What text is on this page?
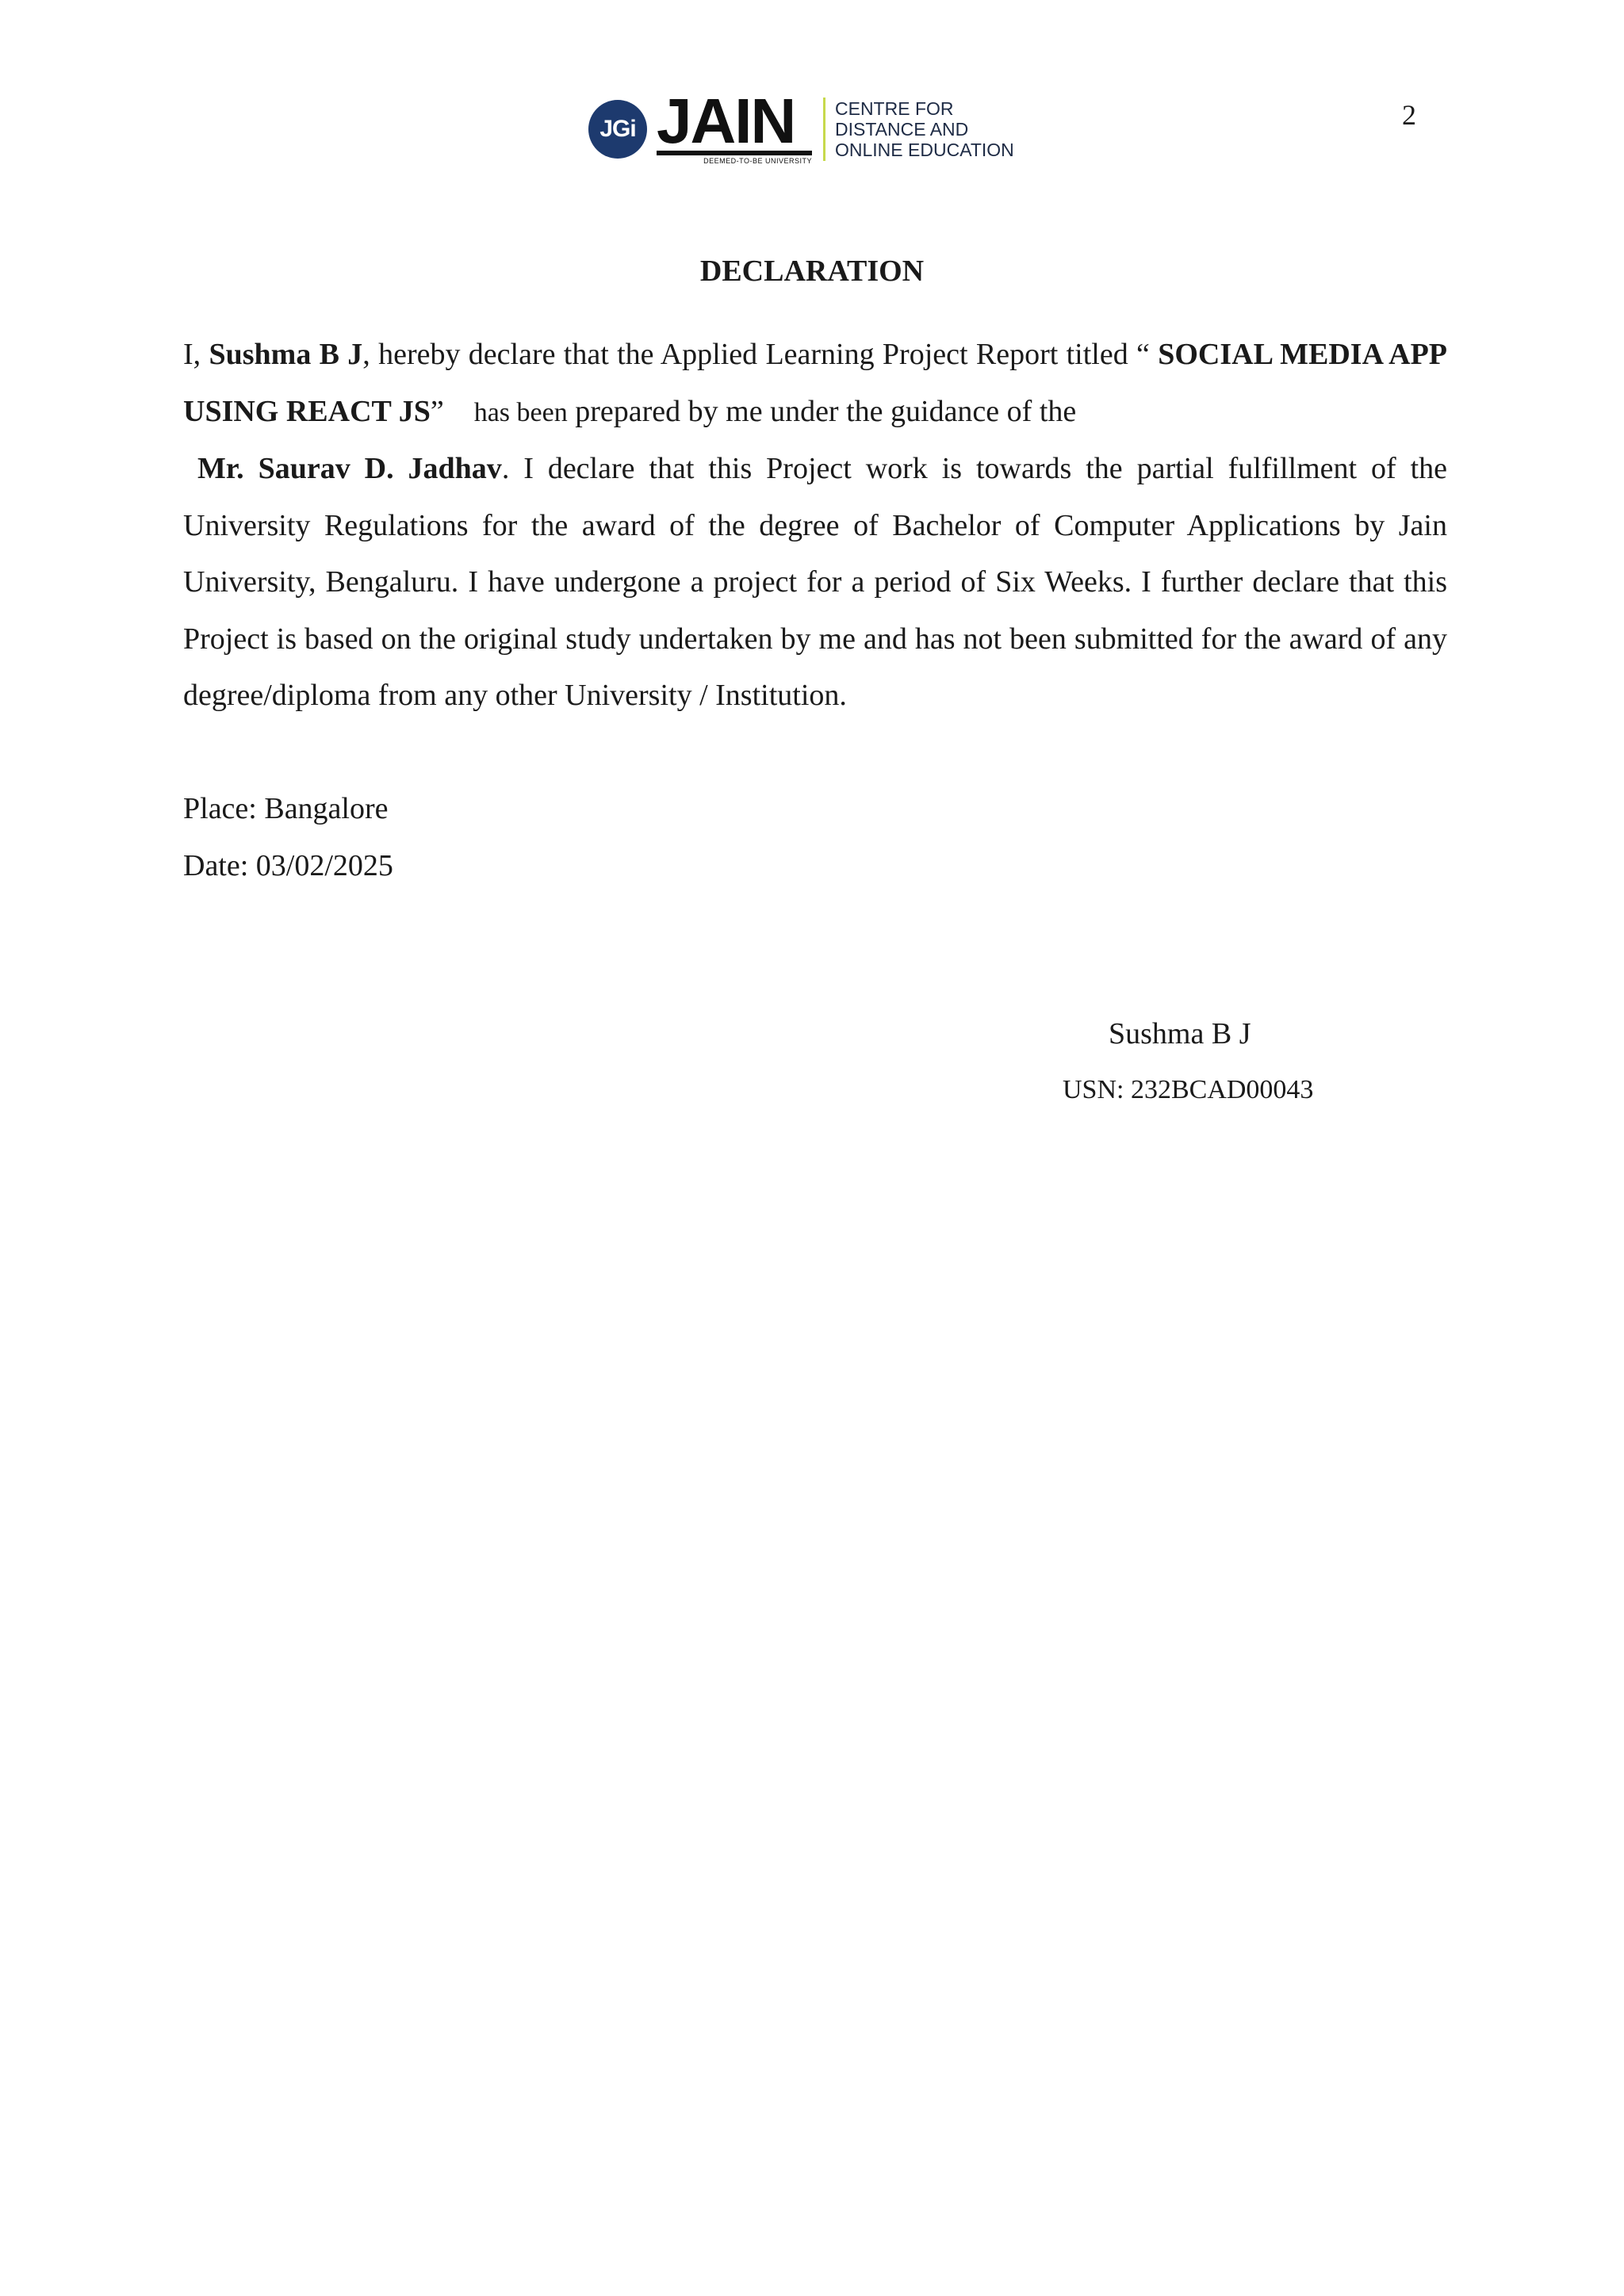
JGi JAIN
DEEMED-TO-BE UNIVERSITY
CENTRE FOR
DISTANCE AND
ONLINE EDUCATION
2
DECLARATION

I, Sushma B J, hereby declare that the Applied Learning Project Report titled “ SOCIAL MEDIA APP USING REACT JS” has been prepared by me under the guidance of the
Mr. Saurav D. Jadhav. I declare that this Project work is towards the partial fulfillment of the University Regulations for the award of the degree of Bachelor of Computer Applications by Jain University, Bengaluru. I have undergone a project for a period of Six Weeks. I further declare that this Project is based on the original study undertaken by me and has not been submitted for the award of any degree/diploma from any other University / Institution.

Place: Bangalore
Date: 03/02/2025
Sushma B J
USN: 232BCAD00043
